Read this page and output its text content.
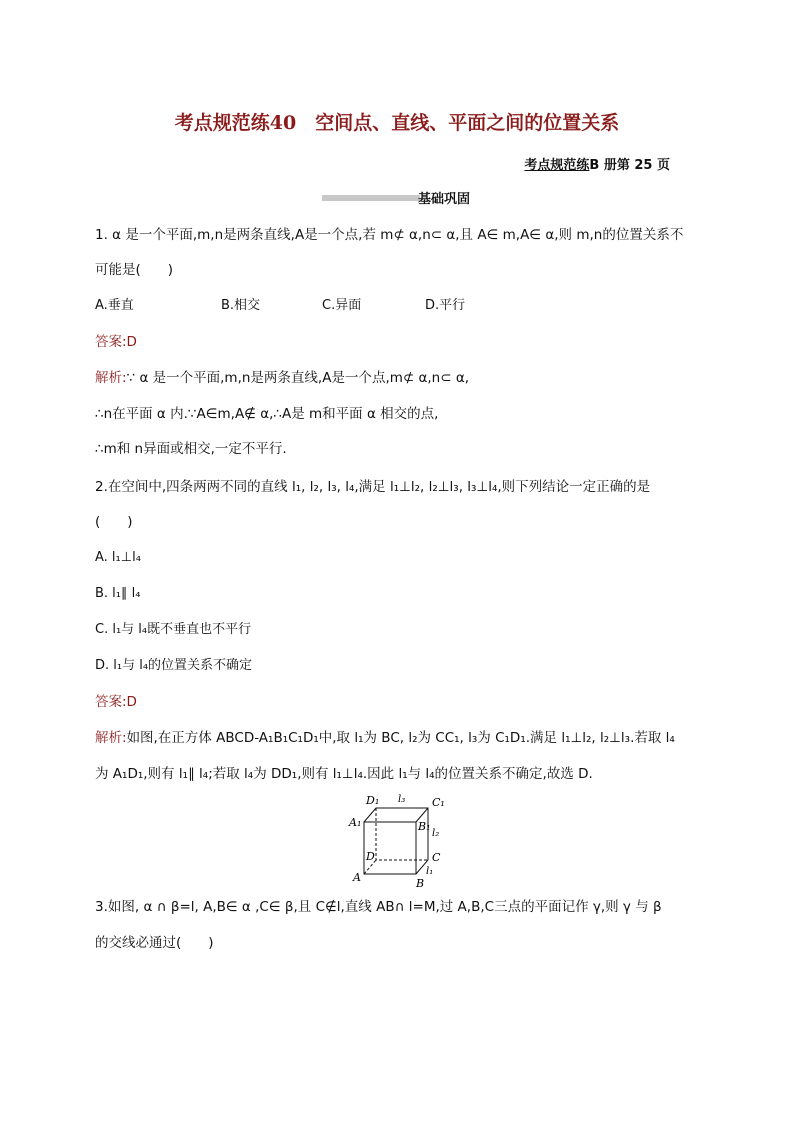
考点规范练40　空间点、直线、平面之间的位置关系
考点规范练B 册第 25 页
基础巩固
1. α 是一个平面,m,n是两条直线,A是一个点,若 m⊄ α,n⊂ α,且 A∈ m,A∈ α,则 m,n的位置关系不
可能是(　　)
A.垂直	B.相交	C.异面	D.平行
答案:D
解析:∵ α 是一个平面,m,n是两条直线,A是一个点,m⊄ α,n⊂ α,
∴n在平面 α 内.∵A∈m,A∉ α,∴A是 m和平面 α 相交的点,
∴m和 n异面或相交,一定不平行.
2.在空间中,四条两两不同的直线 l₁, l₂, l₃, l₄,满足 l₁⊥l₂, l₂⊥l₃, l₃⊥l₄,则下列结论一定正确的是
(　　)
A. l₁⊥l₄
B. l₁∥ l₄
C. l₁与 l₄既不垂直也不平行
D. l₁与 l₄的位置关系不确定
答案:D
解析:如图,在正方体 ABCD-A₁B₁C₁D₁中,取 l₁为 BC, l₂为 CC₁, l₃为 C₁D₁.满足 l₁⊥l₂, l₂⊥l₃.若取 l₄
为 A₁D₁,则有 l₁∥ l₄;若取 l₄为 DD₁,则有 l₁⊥l₄.因此 l₁与 l₄的位置关系不确定,故选 D.
D₁ l₃ C₁
A₁	B₁
l₂
D	C
l₁
A	B
3.如图, α ∩ β=l, A,B∈ α ,C∈ β,且 C∉l,直线 AB∩ l=M,过 A,B,C三点的平面记作 γ,则 γ 与 β
的交线必通过(　　)
